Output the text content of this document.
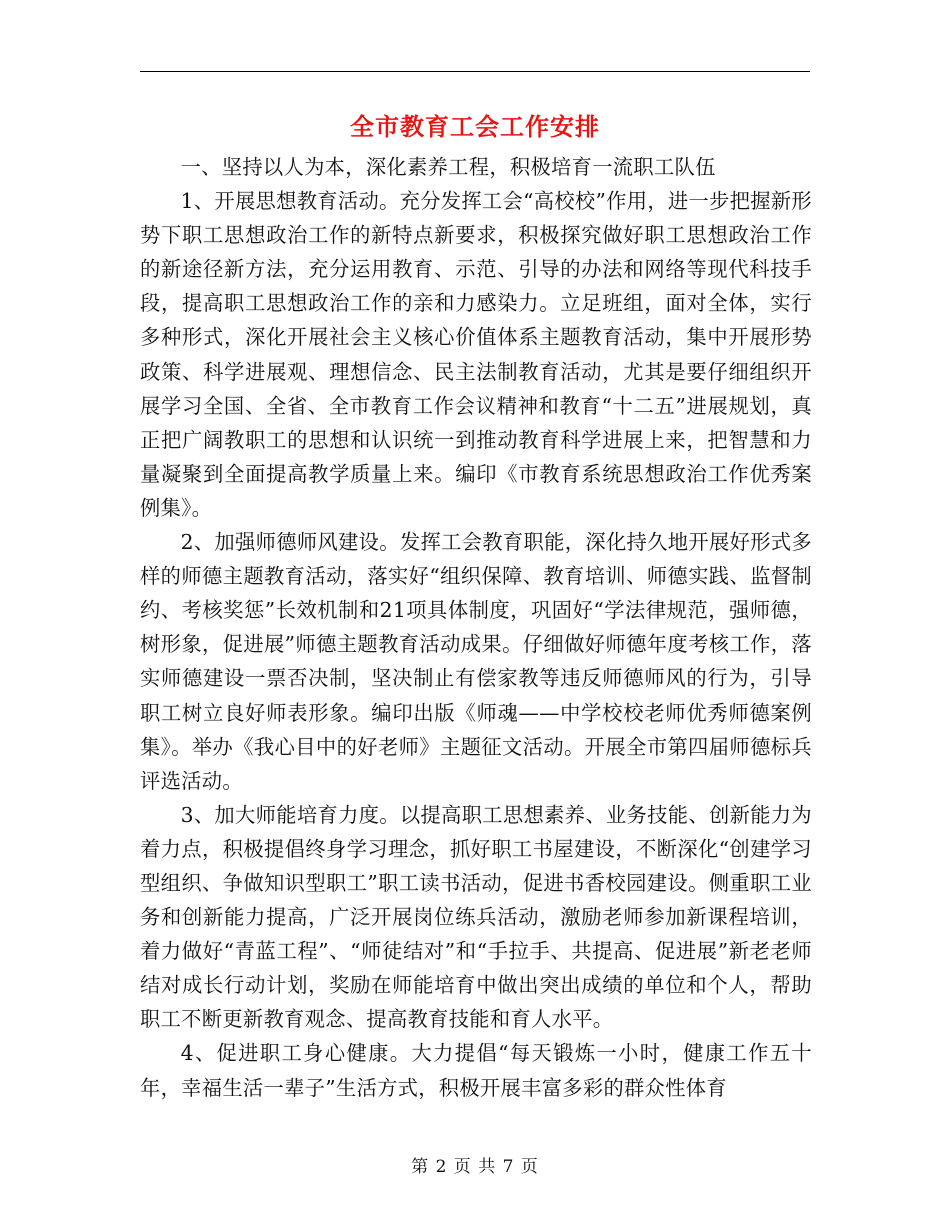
全市教育工会工作安排

一、坚持以人为本，深化素养工程，积极培育一流职工队伍

1、开展思想教育活动。充分发挥工会“高校校”作用，进一步把握新形势下职工思想政治工作的新特点新要求，积极探究做好职工思想政治工作的新途径新方法，充分运用教育、示范、引导的办法和网络等现代科技手段，提高职工思想政治工作的亲和力感染力。立足班组，面对全体，实行多种形式，深化开展社会主义核心价值体系主题教育活动，集中开展形势政策、科学进展观、理想信念、民主法制教育活动，尤其是要仔细组织开展学习全国、全省、全市教育工作会议精神和教育“十二五”进展规划，真正把广阔教职工的思想和认识统一到推动教育科学进展上来，把智慧和力量凝聚到全面提高教学质量上来。编印《市教育系统思想政治工作优秀案例集》。

2、加强师德师风建设。发挥工会教育职能，深化持久地开展好形式多样的师德主题教育活动，落实好“组织保障、教育培训、师德实践、监督制约、考核奖惩”长效机制和21项具体制度，巩固好“学法律规范，强师德，树形象，促进展”师德主题教育活动成果。仔细做好师德年度考核工作，落实师德建设一票否决制，坚决制止有偿家教等违反师德师风的行为，引导职工树立良好师表形象。编印出版《师魂——中学校校老师优秀师德案例集》。举办《我心目中的好老师》主题征文活动。开展全市第四届师德标兵评选活动。

3、加大师能培育力度。以提高职工思想素养、业务技能、创新能力为着力点，积极提倡终身学习理念，抓好职工书屋建设，不断深化“创建学习型组织、争做知识型职工”职工读书活动，促进书香校园建设。侧重职工业务和创新能力提高，广泛开展岗位练兵活动，激励老师参加新课程培训，着力做好“青蓝工程”、“师徒结对”和“手拉手、共提高、促进展”新老老师结对成长行动计划，奖励在师能培育中做出突出成绩的单位和个人，帮助职工不断更新教育观念、提高教育技能和育人水平。

4、促进职工身心健康。大力提倡“每天锻炼一小时，健康工作五十年，幸福生活一辈子”生活方式，积极开展丰富多彩的群众性体育

第 2 页 共 7 页
